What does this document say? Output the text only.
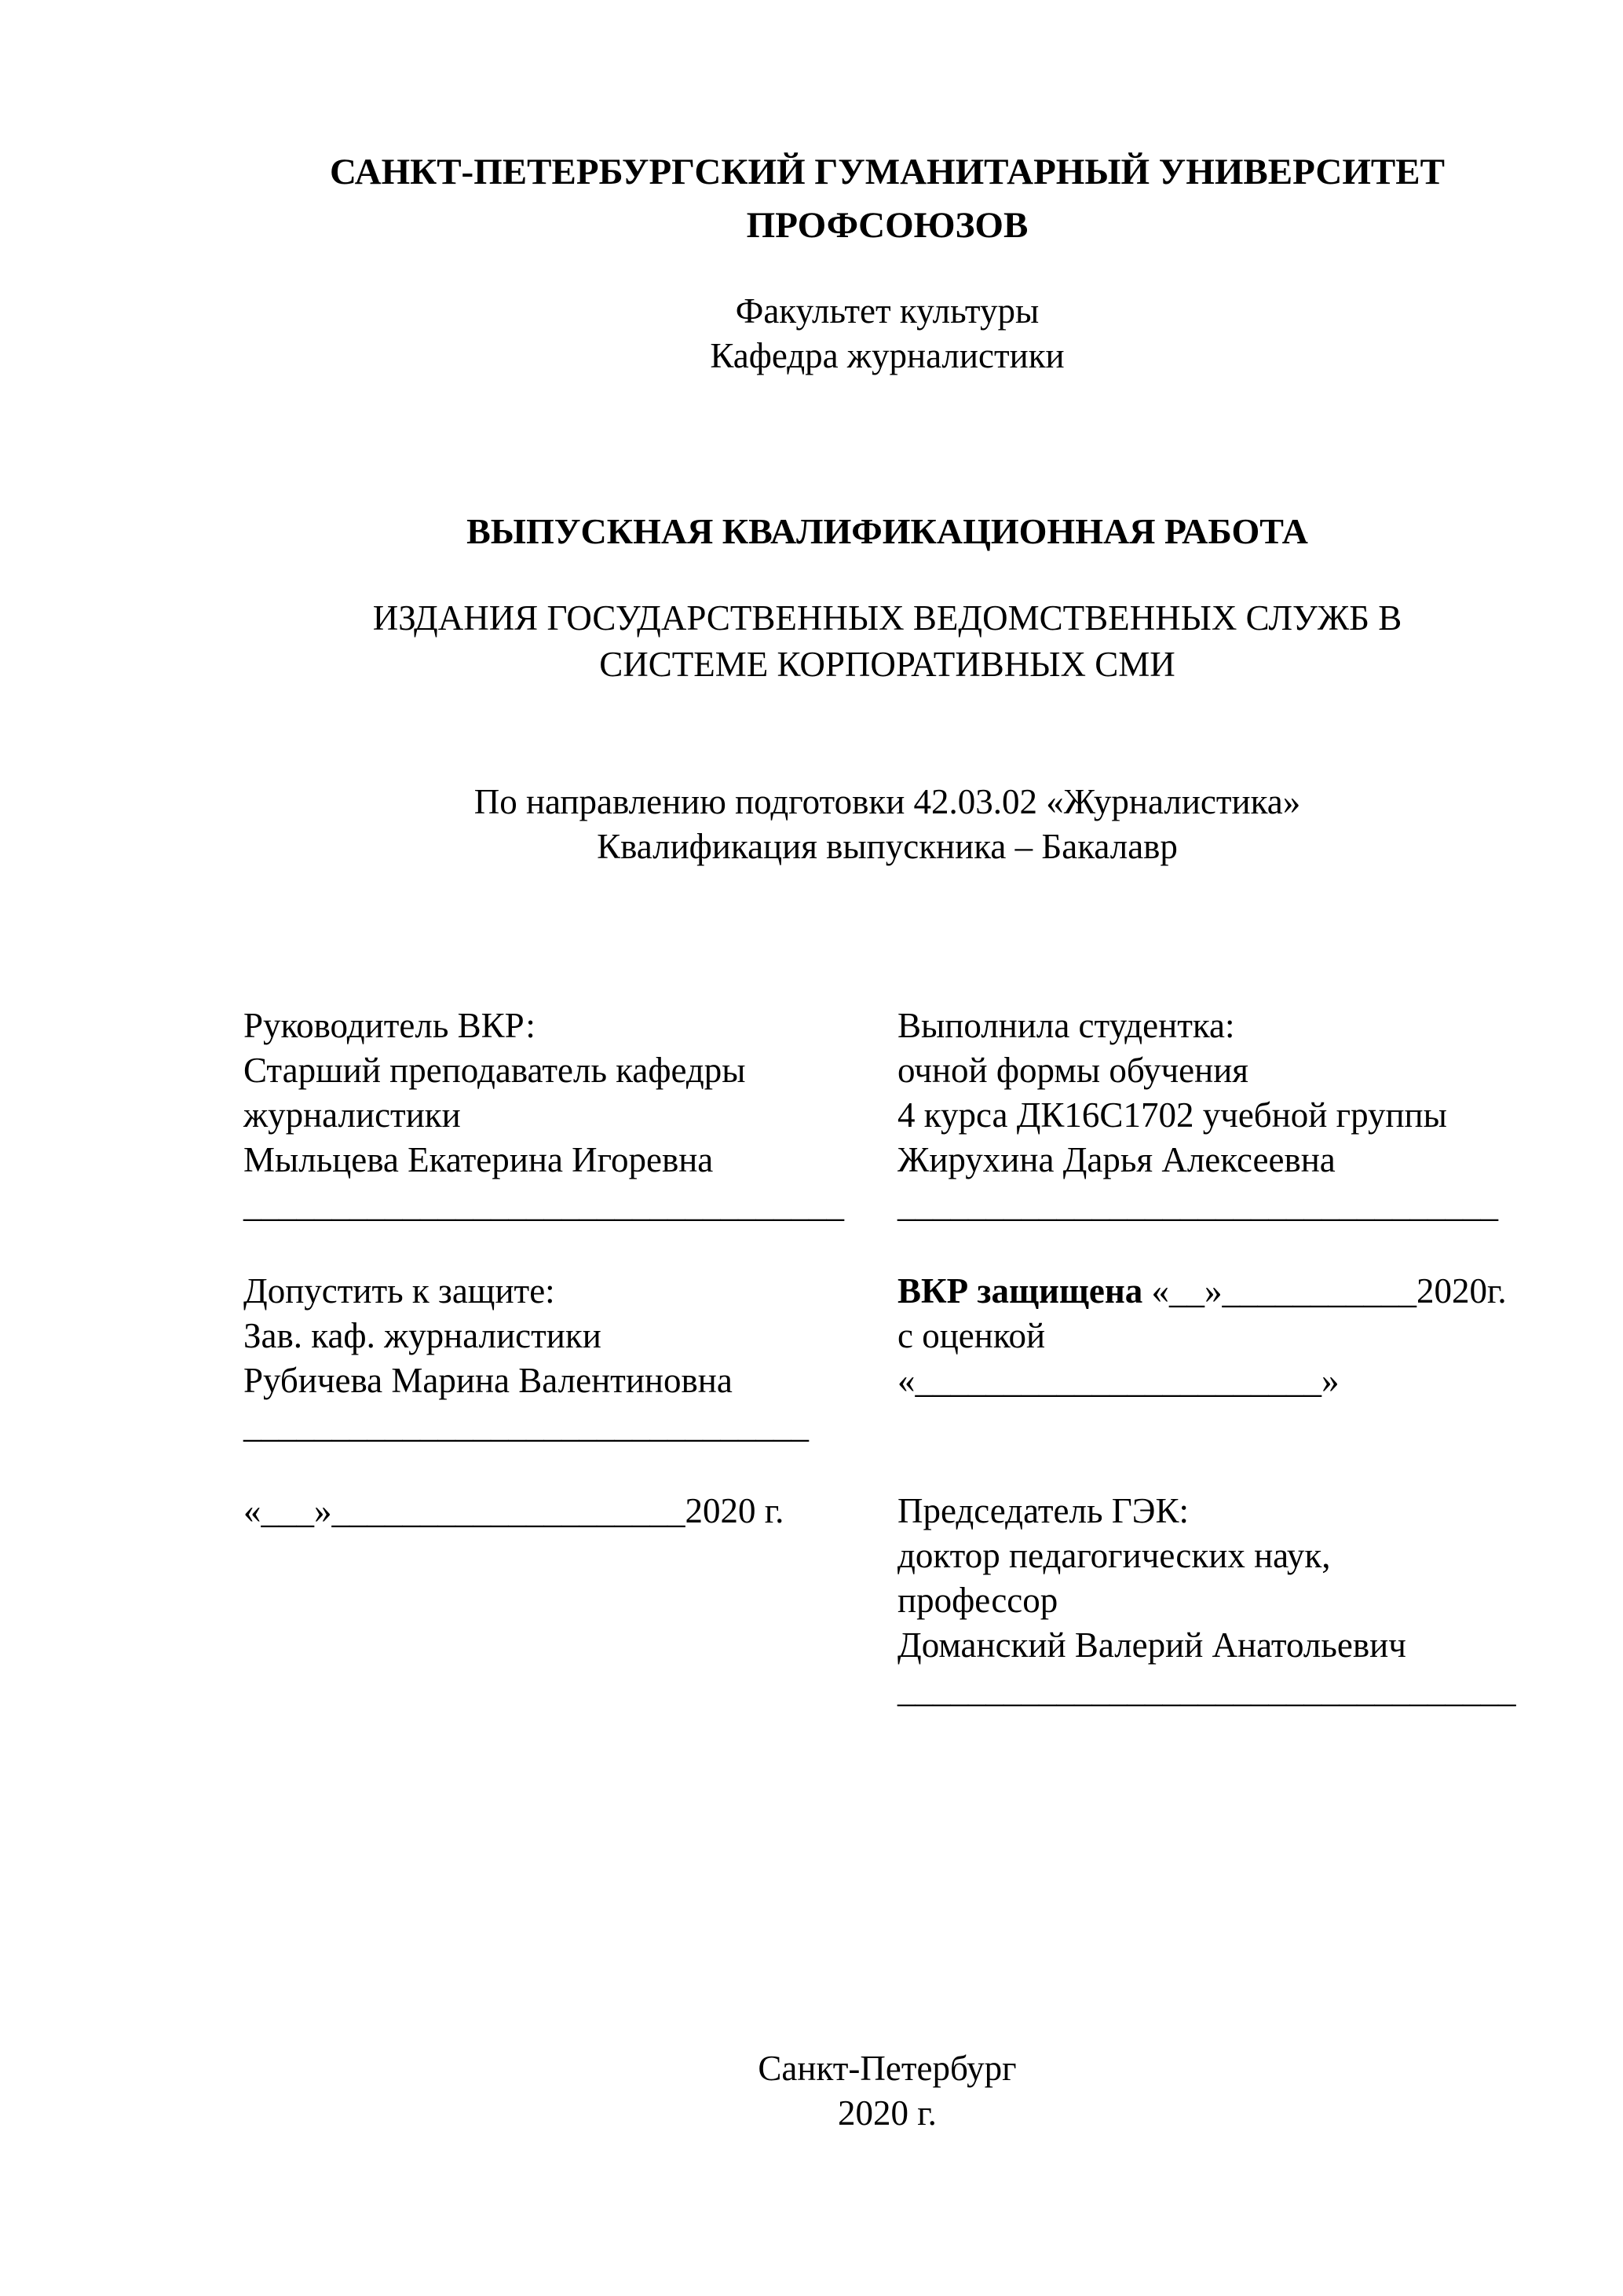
САНКТ-ПЕТЕРБУРГСКИЙ ГУМАНИТАРНЫЙ УНИВЕРСИТЕТ
ПРОФСОЮЗОВ
Факультет культуры
Кафедра журналистики
ВЫПУСКНАЯ КВАЛИФИКАЦИОННАЯ РАБОТА
ИЗДАНИЯ ГОСУДАРСТВЕННЫХ ВЕДОМСТВЕННЫХ СЛУЖБ В
СИСТЕМЕ КОРПОРАТИВНЫХ СМИ
По направлению подготовки 42.03.02 «Журналистика»
Квалификация выпускника – Бакалавр
Руководитель ВКР:
Старший преподаватель кафедры
журналистики
Мыльцева Екатерина Игоревна
__________________________________
Выполнила студентка:
очной формы обучения
4 курса ДК16С1702 учебной группы
Жирухина Дарья Алексеевна
__________________________________
Допустить к защите:
Зав. каф. журналистики
Рубичева Марина Валентиновна
________________________________
ВКР защищена «__»___________2020г.
с оценкой
«_______________________»
«___»____________________2020 г.	Председатель ГЭК:
доктор педагогических наук,
профессор
Доманский Валерий Анатольевич
___________________________________
Санкт-Петербург
2020 г.
